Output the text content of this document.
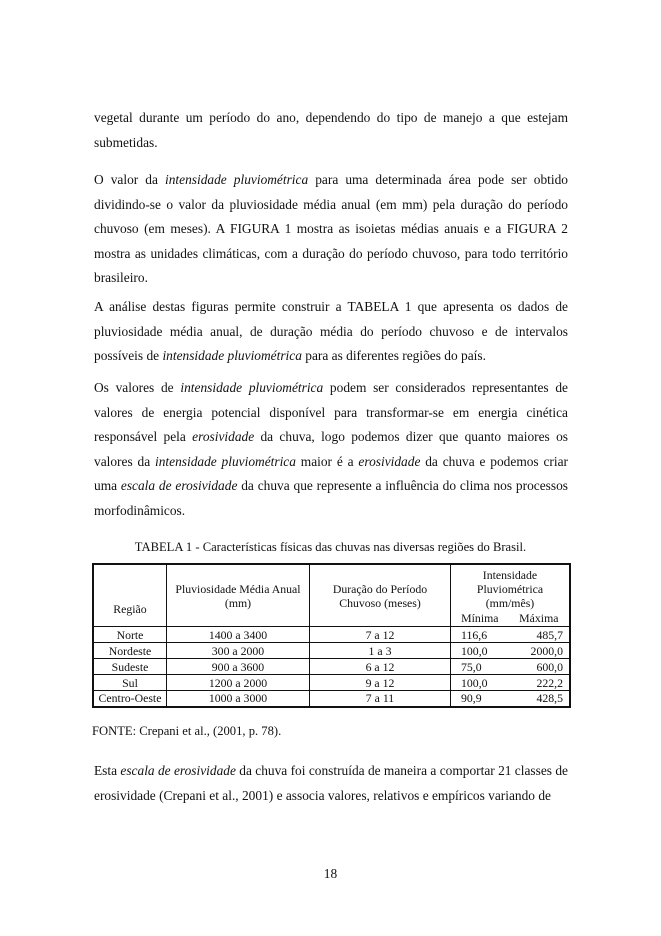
vegetal durante um período do ano, dependendo do tipo de manejo a que estejam submetidas.

O valor da intensidade pluviométrica para uma determinada área pode ser obtido dividindo-se o valor da pluviosidade média anual (em mm) pela duração do período chuvoso (em meses). A FIGURA 1 mostra as isoietas médias anuais e a FIGURA 2 mostra as unidades climáticas, com a duração do período chuvoso, para todo território brasileiro.

A análise destas figuras permite construir a TABELA 1 que apresenta os dados de pluviosidade média anual, de duração média do período chuvoso e de intervalos possíveis de intensidade pluviométrica para as diferentes regiões do país.

Os valores de intensidade pluviométrica podem ser considerados representantes de valores de energia potencial disponível para transformar-se em energia cinética responsável pela erosividade da chuva, logo podemos dizer que quanto maiores os valores da intensidade pluviométrica maior é a erosividade da chuva e podemos criar uma escala de erosividade da chuva que represente a influência do clima nos processos morfodinâmicos.

TABELA 1 - Características físicas das chuvas nas diversas regiões do Brasil.

Região	Pluviosidade Média Anual (mm)	Duração do Período Chuvoso (meses)	Intensidade Pluviométrica (mm/mês)	
			Mínima	Máxima
Norte	1400 a 3400	7 a 12	116,6	485,7
Nordeste	300 a 2000	1 a 3	100,0	2000,0
Sudeste	900 a 3600	6 a 12	75,0	600,0
Sul	1200 a 2000	9 a 12	100,0	222,2
Centro-Oeste	1000 a 3000	7 a 11	90,9	428,5

FONTE: Crepani et al., (2001, p. 78).

Esta escala de erosividade da chuva foi construída de maneira a comportar 21 classes de erosividade (Crepani et al., 2001) e associa valores, relativos e empíricos variando de

18
